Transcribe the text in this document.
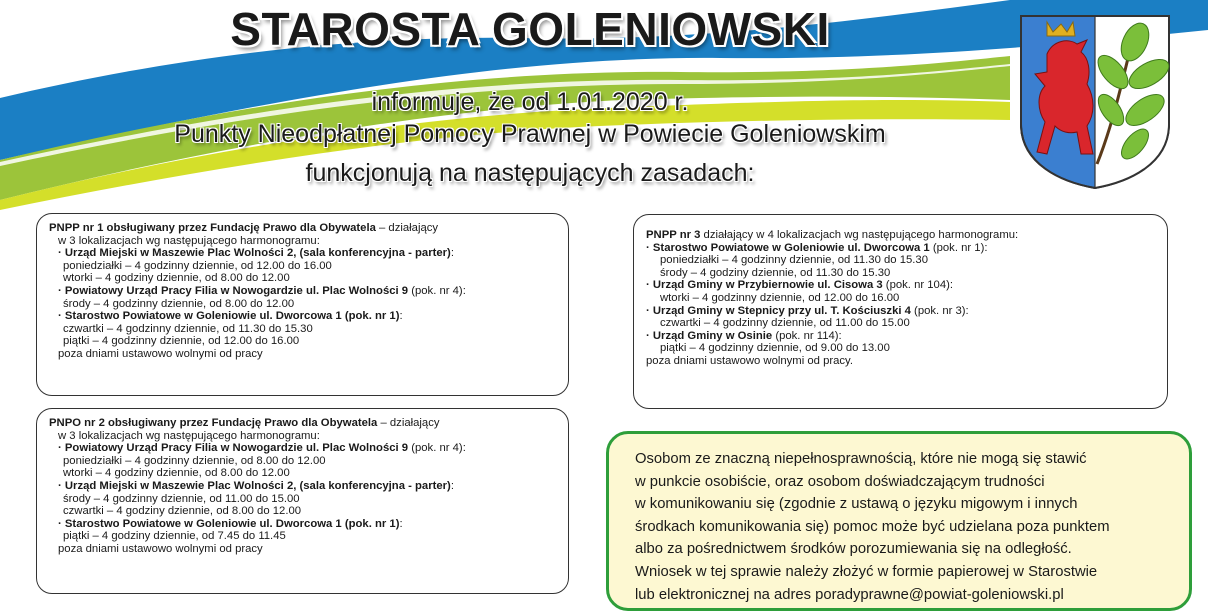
STAROSTA GOLENIOWSKI
informuje, że od 1.01.2020 r.
Punkty Nieodpłatnej Pomocy Prawnej w Powiecie Goleniowskim
funkcjonują na następujących zasadach:

PNPP nr 1 obsługiwany przez Fundację Prawo dla Obywatela – działający

w 3 lokalizacjach wg następującego harmonogramu:

· Urząd Miejski w Maszewie Plac Wolności 2, (sala konferencyjna - parter):

poniedziałki – 4 godzinny dziennie, od 12.00 do 16.00

wtorki – 4 godziny dziennie, od 8.00 do 12.00

· Powiatowy Urząd Pracy Filia w Nowogardzie ul. Plac Wolności 9 (pok. nr 4):

środy – 4 godzinny dziennie, od 8.00 do 12.00

· Starostwo Powiatowe w Goleniowie ul. Dworcowa 1 (pok. nr 1):

czwartki – 4 godzinny dziennie, od 11.30 do 15.30

piątki – 4 godzinny dziennie, od 12.00 do 16.00

poza dniami ustawowo wolnymi od pracy

PNPO nr 2 obsługiwany przez Fundację Prawo dla Obywatela – działający

w 3 lokalizacjach wg następującego harmonogramu:

· Powiatowy Urząd Pracy Filia w Nowogardzie ul. Plac Wolności 9 (pok. nr 4):

poniedziałki – 4 godzinny dziennie, od 8.00 do 12.00

wtorki – 4 godziny dziennie, od 8.00 do 12.00

· Urząd Miejski w Maszewie Plac Wolności 2, (sala konferencyjna - parter):

środy – 4 godzinny dziennie, od 11.00 do 15.00

czwartki – 4 godziny dziennie, od 8.00 do 12.00

· Starostwo Powiatowe w Goleniowie ul. Dworcowa 1 (pok. nr 1):

piątki – 4 godziny dziennie, od 7.45 do 11.45

poza dniami ustawowo wolnymi od pracy

PNPP nr 3 działający w 4 lokalizacjach wg następującego harmonogramu:

· Starostwo Powiatowe w Goleniowie ul. Dworcowa 1 (pok. nr 1):

poniedziałki – 4 godzinny dziennie, od 11.30 do 15.30

środy – 4 godziny dziennie, od 11.30 do 15.30

· Urząd Gminy w Przybiernowie ul. Cisowa 3 (pok. nr 104):

wtorki – 4 godzinny dziennie, od 12.00 do 16.00

· Urząd Gminy w Stepnicy przy ul. T. Kościuszki 4 (pok. nr 3):

czwartki – 4 godzinny dziennie, od 11.00 do 15.00

· Urząd Gminy w Osinie (pok. nr 114):

piątki – 4 godzinny dziennie, od 9.00 do 13.00

poza dniami ustawowo wolnymi od pracy.

Osobom ze znaczną niepełnosprawnością, które nie mogą się stawić

w punkcie osobiście, oraz osobom doświadczającym trudności

w komunikowaniu się (zgodnie z ustawą o języku migowym i innych

środkach komunikowania się) pomoc może być udzielana poza punktem

albo za pośrednictwem środków porozumiewania się na odległość.

Wniosek w tej sprawie należy złożyć w formie papierowej w Starostwie

lub elektronicznej na adres poradyprawne@powiat-goleniowski.pl
